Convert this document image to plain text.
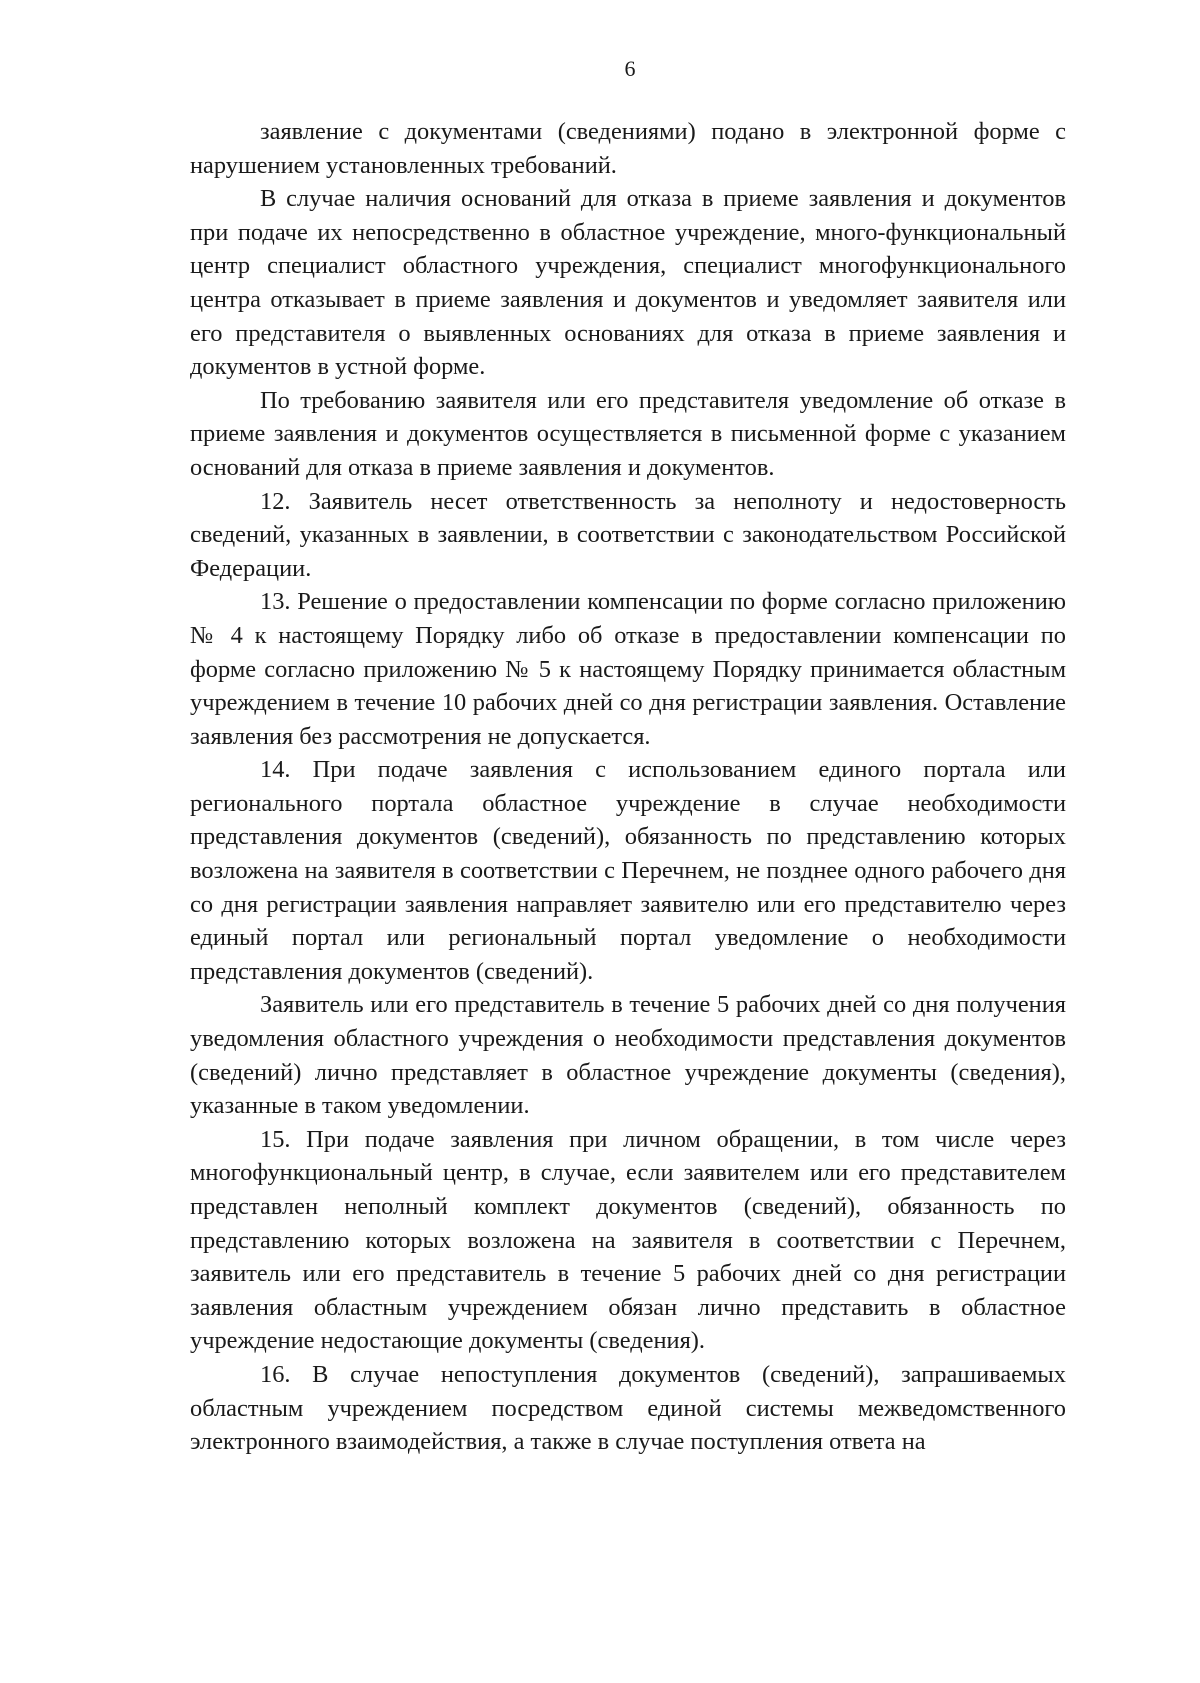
6

заявление с документами (сведениями) подано в электронной форме с нарушением установленных требований.

В случае наличия оснований для отказа в приеме заявления и документов при подаче их непосредственно в областное учреждение, много-функциональный центр специалист областного учреждения, специалист многофункционального центра отказывает в приеме заявления и документов и уведомляет заявителя или его представителя о выявленных основаниях для отказа в приеме заявления и документов в устной форме.

По требованию заявителя или его представителя уведомление об отказе в приеме заявления и документов осуществляется в письменной форме с указанием оснований для отказа в приеме заявления и документов.

12. Заявитель несет ответственность за неполноту и недостоверность сведений, указанных в заявлении, в соответствии с законодательством Российской Федерации.

13. Решение о предоставлении компенсации по форме согласно приложению № 4 к настоящему Порядку либо об отказе в предоставлении компенсации по форме согласно приложению № 5 к настоящему Порядку принимается областным учреждением в течение 10 рабочих дней со дня регистрации заявления. Оставление заявления без рассмотрения не допускается.

14. При подаче заявления с использованием единого портала или регионального портала областное учреждение в случае необходимости представления документов (сведений), обязанность по представлению которых возложена на заявителя в соответствии с Перечнем, не позднее одного рабочего дня со дня регистрации заявления направляет заявителю или его представителю через единый портал или региональный портал уведомление о необходимости представления документов (сведений).

Заявитель или его представитель в течение 5 рабочих дней со дня получения уведомления областного учреждения о необходимости представления документов (сведений) лично представляет в областное учреждение документы (сведения), указанные в таком уведомлении.

15. При подаче заявления при личном обращении, в том числе через многофункциональный центр, в случае, если заявителем или его представителем представлен неполный комплект документов (сведений), обязанность по представлению которых возложена на заявителя в соответствии с Перечнем, заявитель или его представитель в течение 5 рабочих дней со дня регистрации заявления областным учреждением обязан лично представить в областное учреждение недостающие документы (сведения).

16. В случае непоступления документов (сведений), запрашиваемых областным учреждением посредством единой системы межведомственного электронного взаимодействия, а также в случае поступления ответа на
